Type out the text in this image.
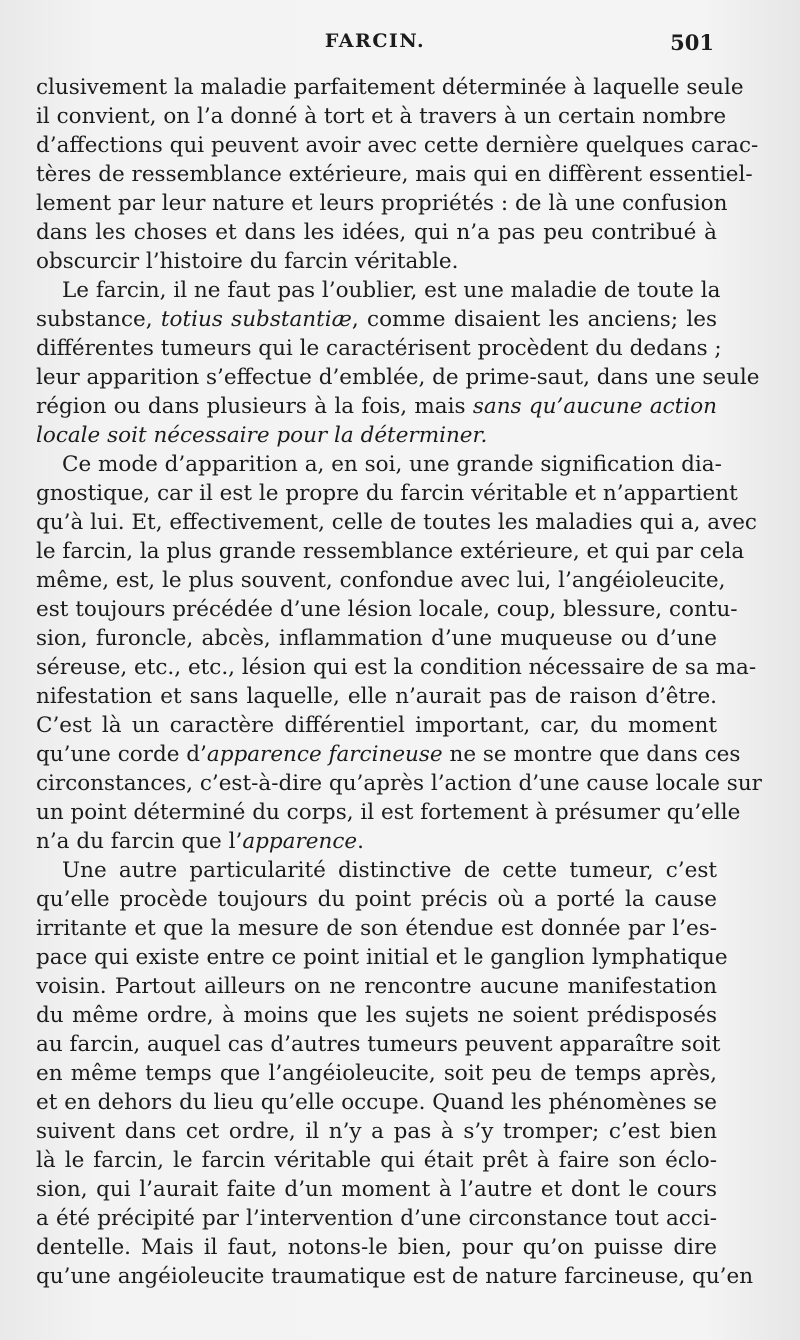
FARCIN.	501
clusivement la maladie parfaitement déterminée à laquelle seule
il convient, on l’a donné à tort et à travers à un certain nombre
d’affections qui peuvent avoir avec cette dernière quelques carac-
tères de ressemblance extérieure, mais qui en diffèrent essentiel-
lement par leur nature et leurs propriétés : de là une confusion
dans les choses et dans les idées, qui n’a pas peu contribué à
obscurcir l’histoire du farcin véritable.
Le farcin, il ne faut pas l’oublier, est une maladie de toute la
substance, totius substantiæ, comme disaient les anciens; les
différentes tumeurs qui le caractérisent procèdent du dedans ;
leur apparition s’effectue d’emblée, de prime-saut, dans une seule
région ou dans plusieurs à la fois, mais sans qu’aucune action
locale soit nécessaire pour la déterminer.
Ce mode d’apparition a, en soi, une grande signification dia-
gnostique, car il est le propre du farcin véritable et n’appartient
qu’à lui. Et, effectivement, celle de toutes les maladies qui a, avec
le farcin, la plus grande ressemblance extérieure, et qui par cela
même, est, le plus souvent, confondue avec lui, l’angéioleucite,
est toujours précédée d’une lésion locale, coup, blessure, contu-
sion, furoncle, abcès, inflammation d’une muqueuse ou d’une
séreuse, etc., etc., lésion qui est la condition nécessaire de sa ma-
nifestation et sans laquelle, elle n’aurait pas de raison d’être.
C’est là un caractère différentiel important, car, du moment
qu’une corde d’apparence farcineuse ne se montre que dans ces
circonstances, c’est-à-dire qu’après l’action d’une cause locale sur
un point déterminé du corps, il est fortement à présumer qu’elle
n’a du farcin que l’apparence.
Une autre particularité distinctive de cette tumeur, c’est
qu’elle procède toujours du point précis où a porté la cause
irritante et que la mesure de son étendue est donnée par l’es-
pace qui existe entre ce point initial et le ganglion lymphatique
voisin. Partout ailleurs on ne rencontre aucune manifestation
du même ordre, à moins que les sujets ne soient prédisposés
au farcin, auquel cas d’autres tumeurs peuvent apparaître soit
en même temps que l’angéioleucite, soit peu de temps après,
et en dehors du lieu qu’elle occupe. Quand les phénomènes se
suivent dans cet ordre, il n’y a pas à s’y tromper; c’est bien
là le farcin, le farcin véritable qui était prêt à faire son éclo-
sion, qui l’aurait faite d’un moment à l’autre et dont le cours
a été précipité par l’intervention d’une circonstance tout acci-
dentelle. Mais il faut, notons-le bien, pour qu’on puisse dire
qu’une angéioleucite traumatique est de nature farcineuse, qu’en
